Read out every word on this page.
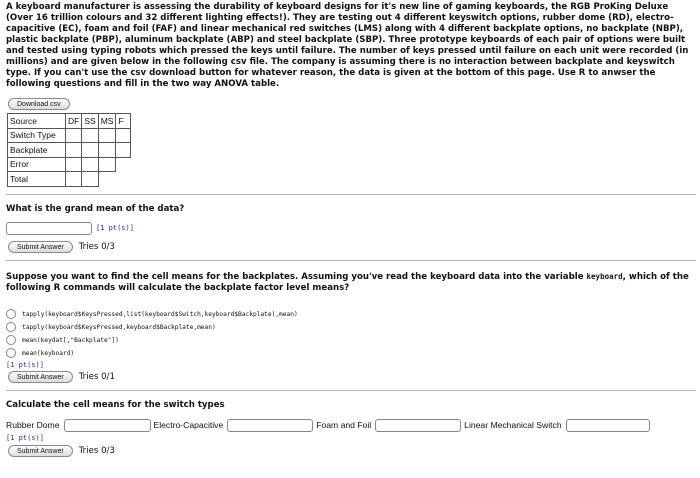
A keyboard manufacturer is assessing the durability of keyboard designs for it's new line of gaming keyboards, the RGB ProKing Deluxe (Over 16 trillion colours and 32 different lighting effects!). They are testing out 4 different keyswitch options, rubber dome (RD), electro-capacitive (EC), foam and foil (FAF) and linear mechanical red switches (LMS) along with 4 different backplate options, no backplate (NBP), plastic backplate (PBP), aluminum backplate (ABP) and steel backplate (SBP). Three prototype keyboards of each pair of options were built and tested using typing robots which pressed the keys until failure. The number of keys pressed until failure on each unit were recorded (in millions) and are given below in the following csv file. The company is assuming there is no interaction between backplate and keyswitch type. If you can't use the csv download button for whatever reason, the data is given at the bottom of this page. Use R to anwser the following questions and fill in the two way ANOVA table.

Download csv
Source	DF	SS	MS	F
Switch Type				
Backplate				
Error				
Total				

What is the grand mean of the data?

[1 pt(s)]
Submit Answer	Tries 0/3

Suppose you want to find the cell means for the backplates. Assuming you've read the keyboard data into the variable keyboard, which of the following R commands will calculate the backplate factor level means?

tapply(keyboard$KeysPressed,list(keyboard$Switch,keyboard$Backplate),mean)
tapply(keyboard$KeysPressed,keyboard$Backplate,mean)
mean(keydat[,"Backplate"])
mean(keyboard)
[1 pt(s)]
Submit Answer	Tries 0/1

Calculate the cell means for the switch types

Rubber Dome	Electro-Capacitive	Foam and Foil	Linear Mechanical Switch
[1 pt(s)]
Submit Answer	Tries 0/3
